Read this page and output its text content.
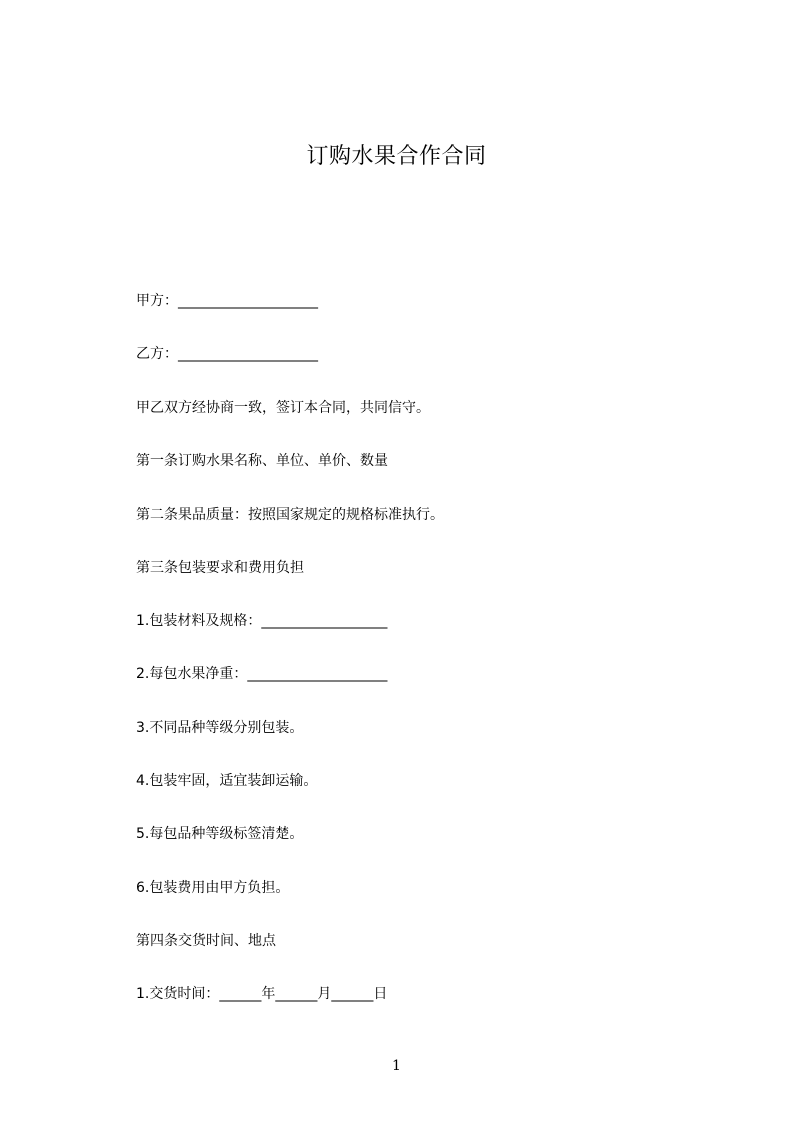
订购水果合作合同
甲方：____________________
乙方：____________________
甲乙双方经协商一致，签订本合同，共同信守。
第一条订购水果名称、单位、单价、数量
第二条果品质量：按照国家规定的规格标准执行。
第三条包装要求和费用负担
1.包装材料及规格：__________________
2.每包水果净重：____________________
3.不同品种等级分别包装。
4.包装牢固，适宜装卸运输。
5.每包品种等级标签清楚。
6.包装费用由甲方负担。
第四条交货时间、地点
1.交货时间：______年______月______日
1
